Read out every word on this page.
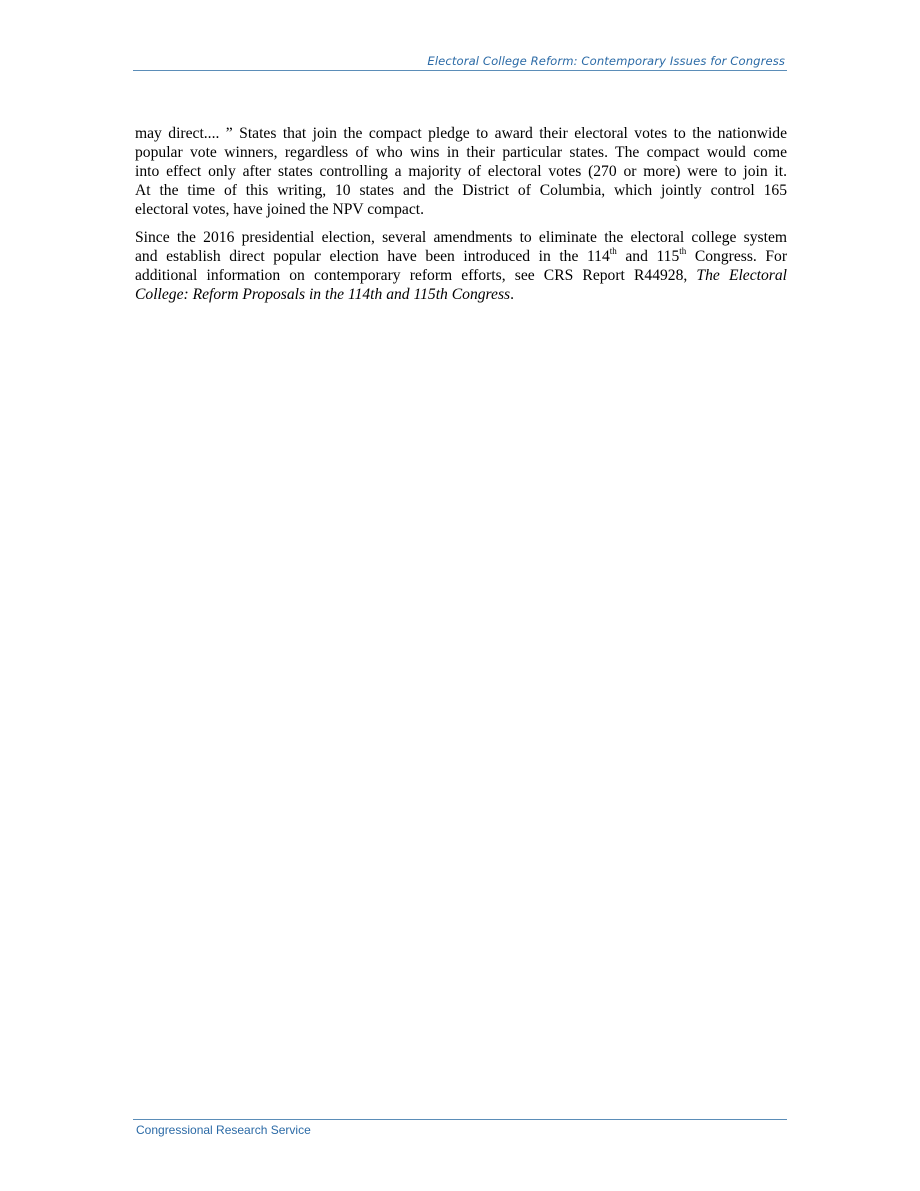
Electoral College Reform: Contemporary Issues for Congress

may direct.... ” States that join the compact pledge to award their electoral votes to the nationwide
popular vote winners, regardless of who wins in their particular states. The compact would come
into effect only after states controlling a majority of electoral votes (270 or more) were to join it.
At the time of this writing, 10 states and the District of Columbia, which jointly control 165
electoral votes, have joined the NPV compact.

Since the 2016 presidential election, several amendments to eliminate the electoral college system
and establish direct popular election have been introduced in the 114th and 115th Congress. For
additional information on contemporary reform efforts, see CRS Report R44928, The Electoral
College: Reform Proposals in the 114th and 115th Congress.

Congressional Research Service
